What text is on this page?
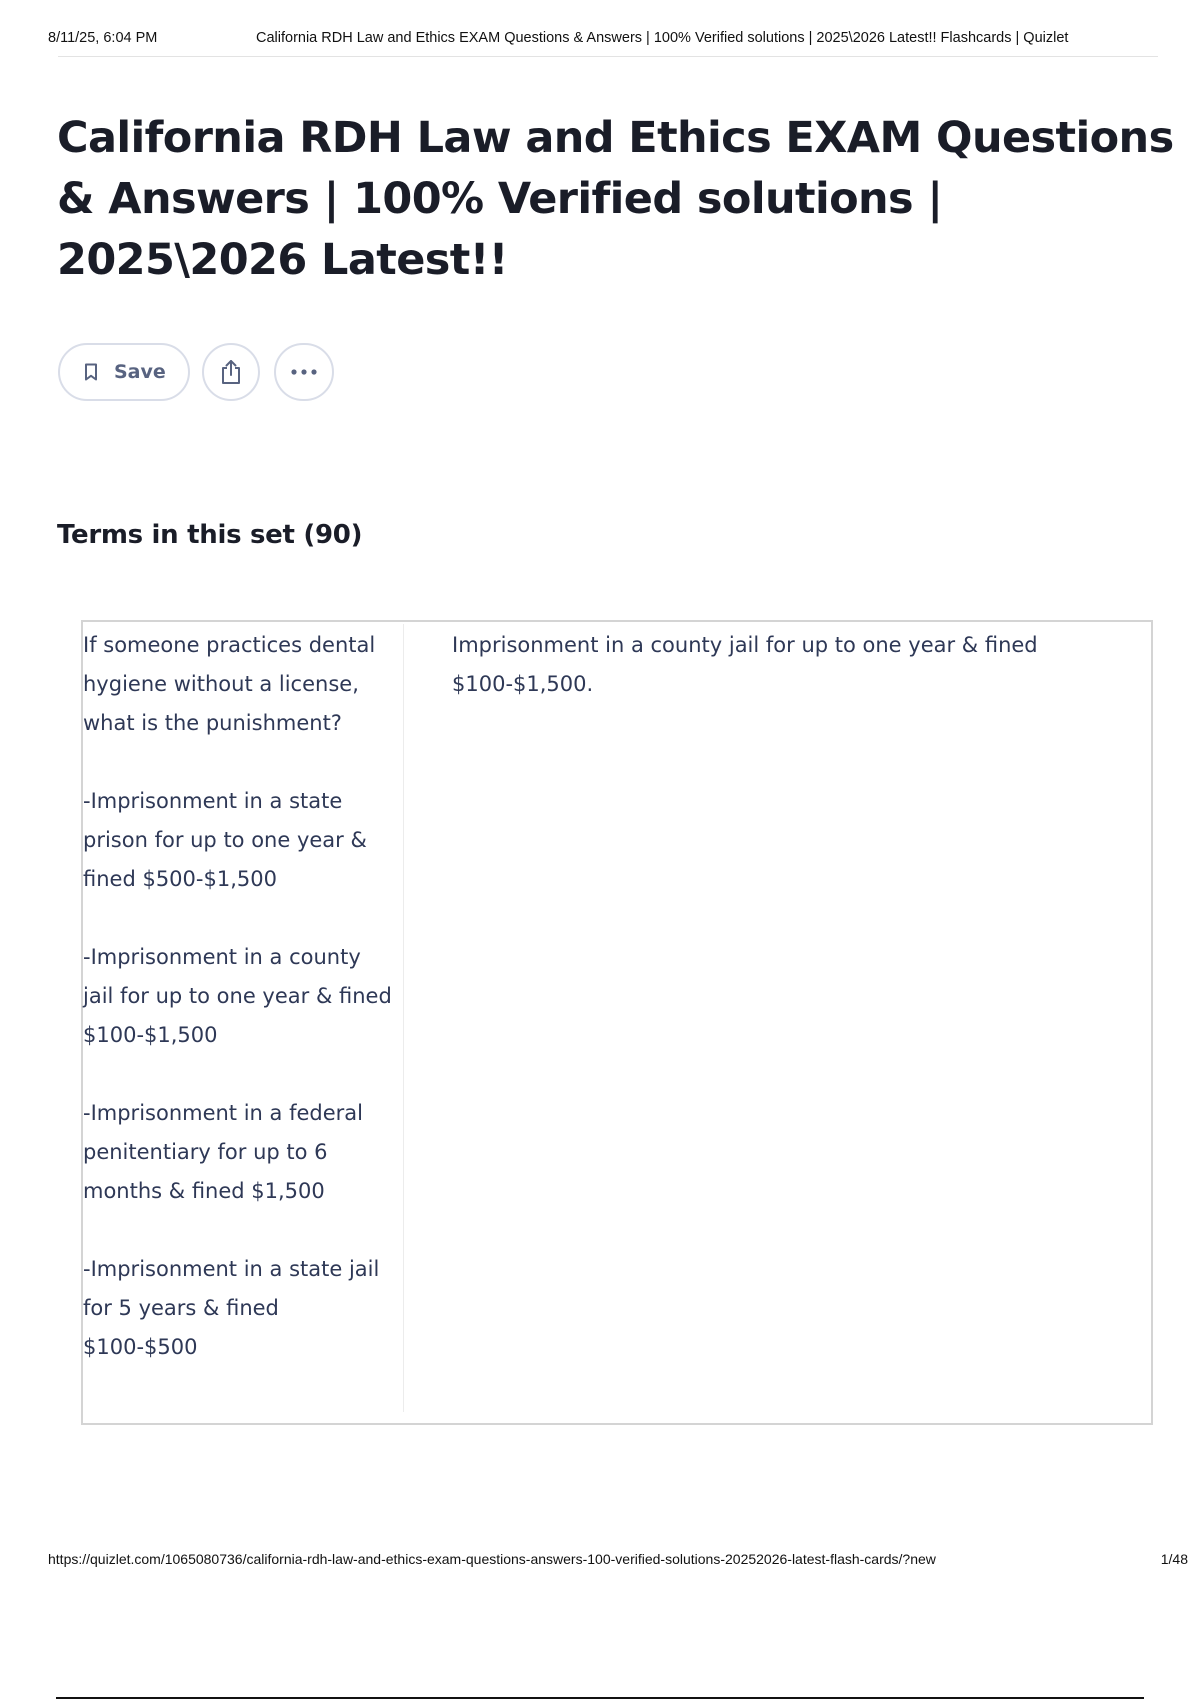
8/11/25, 6:04 PM	California RDH Law and Ethics EXAM Questions & Answers | 100% Verified solutions | 2025\2026 Latest!! Flashcards | Quizlet
California RDH Law and Ethics EXAM Questions & Answers | 100% Verified solutions | 2025\2026 Latest!!
Save
Terms in this set (90)
If someone practices dental hygiene without a license, what is the punishment?

-Imprisonment in a state prison for up to one year & fined $500-$1,500

-Imprisonment in a county jail for up to one year & fined $100-$1,500

-Imprisonment in a federal penitentiary for up to 6 months & fined $1,500

-Imprisonment in a state jail for 5 years & fined $100-$500
Imprisonment in a county jail for up to one year & fined $100-$1,500.
https://quizlet.com/1065080736/california-rdh-law-and-ethics-exam-questions-answers-100-verified-solutions-20252026-latest-flash-cards/?new	1/48
